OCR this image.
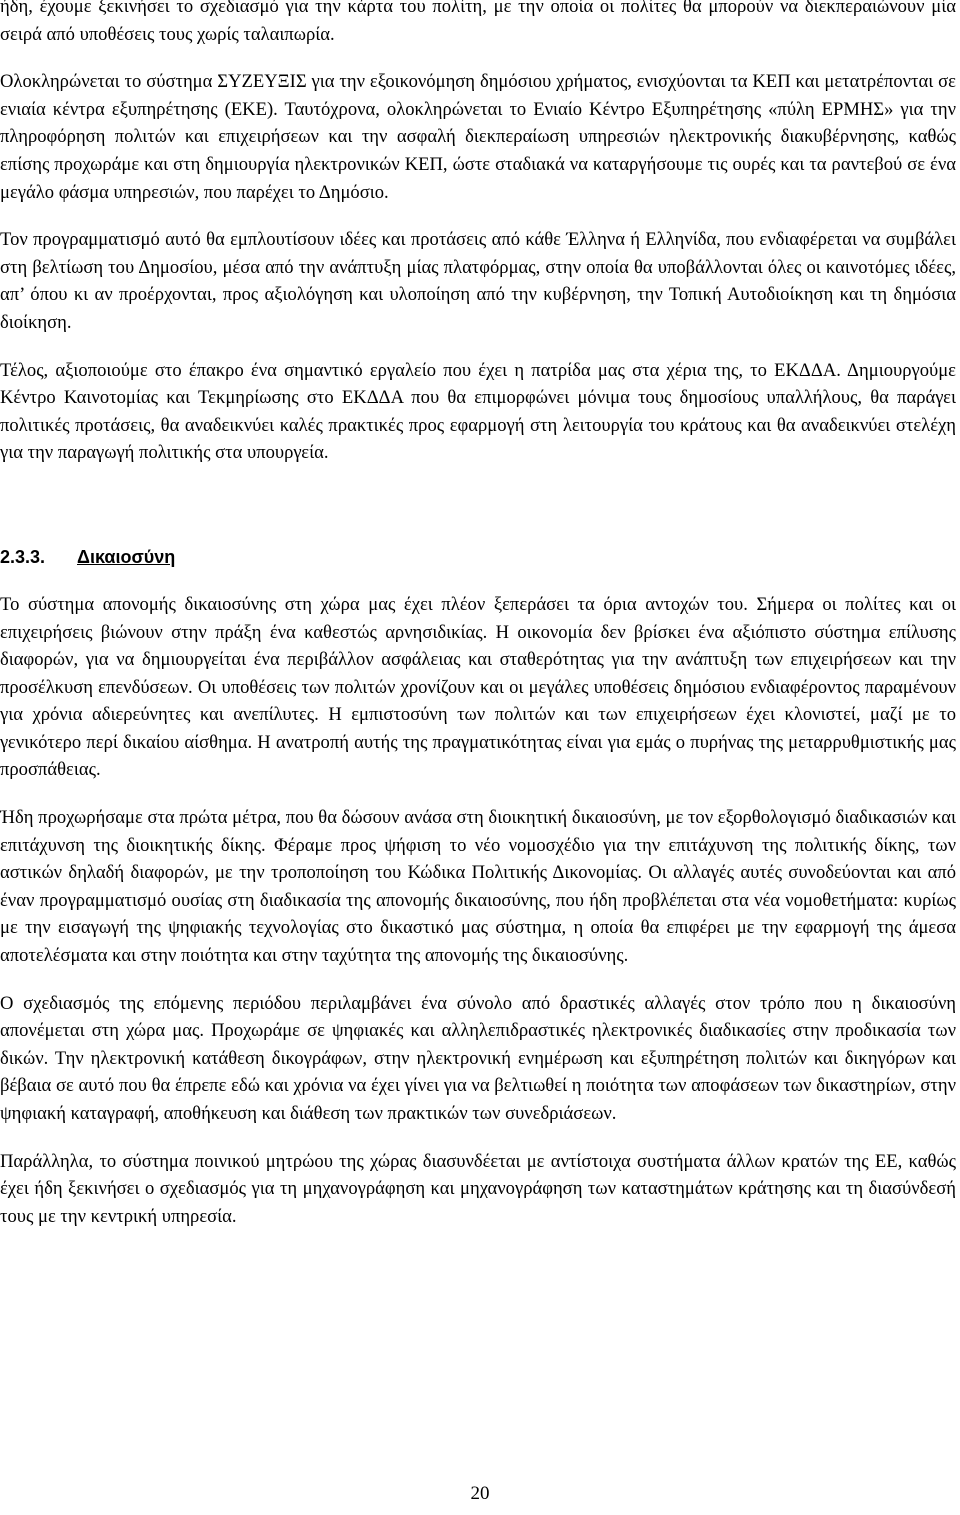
ήδη, έχουμε ξεκινήσει το σχεδιασμό για την κάρτα του πολίτη, με την οποία οι πολίτες θα μπορούν να διεκπεραιώνουν μία σειρά από υποθέσεις τους χωρίς ταλαιπωρία.

Ολοκληρώνεται το σύστημα ΣΥΖΕΥΞΙΣ για την εξοικονόμηση δημόσιου χρήματος, ενισχύονται τα ΚΕΠ και μετατρέπονται σε ενιαία κέντρα εξυπηρέτησης (ΕΚΕ). Ταυτόχρονα, ολοκληρώνεται το Ενιαίο Κέντρο Εξυπηρέτησης «πύλη ΕΡΜΗΣ» για την πληροφόρηση πολιτών και επιχειρήσεων και την ασφαλή διεκπεραίωση υπηρεσιών ηλεκτρονικής διακυβέρνησης, καθώς επίσης προχωράμε και στη δημιουργία ηλεκτρονικών ΚΕΠ, ώστε σταδιακά να καταργήσουμε τις ουρές και τα ραντεβού σε ένα μεγάλο φάσμα υπηρεσιών, που παρέχει το Δημόσιο.

Τον προγραμματισμό αυτό θα εμπλουτίσουν ιδέες και προτάσεις από κάθε Έλληνα ή Ελληνίδα, που ενδιαφέρεται να συμβάλει στη βελτίωση του Δημοσίου, μέσα από την ανάπτυξη μίας πλατφόρμας, στην οποία θα υποβάλλονται όλες οι καινοτόμες ιδέες, απ’ όπου κι αν προέρχονται, προς αξιολόγηση και υλοποίηση από την κυβέρνηση, την Τοπική Αυτοδιοίκηση και τη δημόσια διοίκηση.

Τέλος, αξιοποιούμε στο έπακρο ένα σημαντικό εργαλείο που έχει η πατρίδα μας στα χέρια της, το ΕΚΔΔΑ. Δημιουργούμε Κέντρο Καινοτομίας και Τεκμηρίωσης στο ΕΚΔΔΑ που θα επιμορφώνει μόνιμα τους δημοσίους υπαλλήλους, θα παράγει πολιτικές προτάσεις, θα αναδεικνύει καλές πρακτικές προς εφαρμογή στη λειτουργία του κράτους και θα αναδεικνύει στελέχη για την παραγωγή πολιτικής στα υπουργεία.

2.3.3.	Δικαιοσύνη

Το σύστημα απονομής δικαιοσύνης στη χώρα μας έχει πλέον ξεπεράσει τα όρια αντοχών του. Σήμερα οι πολίτες και οι επιχειρήσεις βιώνουν στην πράξη ένα καθεστώς αρνησιδικίας. Η οικονομία δεν βρίσκει ένα αξιόπιστο σύστημα επίλυσης διαφορών, για να δημιουργείται ένα περιβάλλον ασφάλειας και σταθερότητας για την ανάπτυξη των επιχειρήσεων και την προσέλκυση επενδύσεων. Οι υποθέσεις των πολιτών χρονίζουν και οι μεγάλες υποθέσεις δημόσιου ενδιαφέροντος παραμένουν για χρόνια αδιερεύνητες και ανεπίλυτες. Η εμπιστοσύνη των πολιτών και των επιχειρήσεων έχει κλονιστεί, μαζί με το γενικότερο περί δικαίου αίσθημα. Η ανατροπή αυτής της πραγματικότητας είναι για εμάς ο πυρήνας της μεταρρυθμιστικής μας προσπάθειας.

Ήδη προχωρήσαμε στα πρώτα μέτρα, που θα δώσουν ανάσα στη διοικητική δικαιοσύνη, με τον εξορθολογισμό διαδικασιών και επιτάχυνση της διοικητικής δίκης. Φέραμε προς ψήφιση το νέο νομοσχέδιο για την επιτάχυνση της πολιτικής δίκης, των αστικών δηλαδή διαφορών, με την τροποποίηση του Κώδικα Πολιτικής Δικονομίας. Οι αλλαγές αυτές συνοδεύονται και από έναν προγραμματισμό ουσίας στη διαδικασία της απονομής δικαιοσύνης, που ήδη προβλέπεται στα νέα νομοθετήματα: κυρίως με την εισαγωγή της ψηφιακής τεχνολογίας στο δικαστικό μας σύστημα, η οποία θα επιφέρει με την εφαρμογή της άμεσα αποτελέσματα και στην ποιότητα και στην ταχύτητα της απονομής της δικαιοσύνης.

Ο σχεδιασμός της επόμενης περιόδου περιλαμβάνει ένα σύνολο από δραστικές αλλαγές στον τρόπο που η δικαιοσύνη απονέμεται στη χώρα μας. Προχωράμε σε ψηφιακές και αλληλεπιδραστικές ηλεκτρονικές διαδικασίες στην προδικασία των δικών. Την ηλεκτρονική κατάθεση δικογράφων, στην ηλεκτρονική ενημέρωση και εξυπηρέτηση πολιτών και δικηγόρων και βέβαια σε αυτό που θα έπρεπε εδώ και χρόνια να έχει γίνει για να βελτιωθεί η ποιότητα των αποφάσεων των δικαστηρίων, στην ψηφιακή καταγραφή, αποθήκευση και διάθεση των πρακτικών των συνεδριάσεων.

Παράλληλα, το σύστημα ποινικού μητρώου της χώρας διασυνδέεται με αντίστοιχα συστήματα άλλων κρατών της ΕΕ, καθώς έχει ήδη ξεκινήσει ο σχεδιασμός για τη μηχανογράφηση και μηχανογράφηση των καταστημάτων κράτησης και τη διασύνδεσή τους με την κεντρική υπηρεσία.

20
